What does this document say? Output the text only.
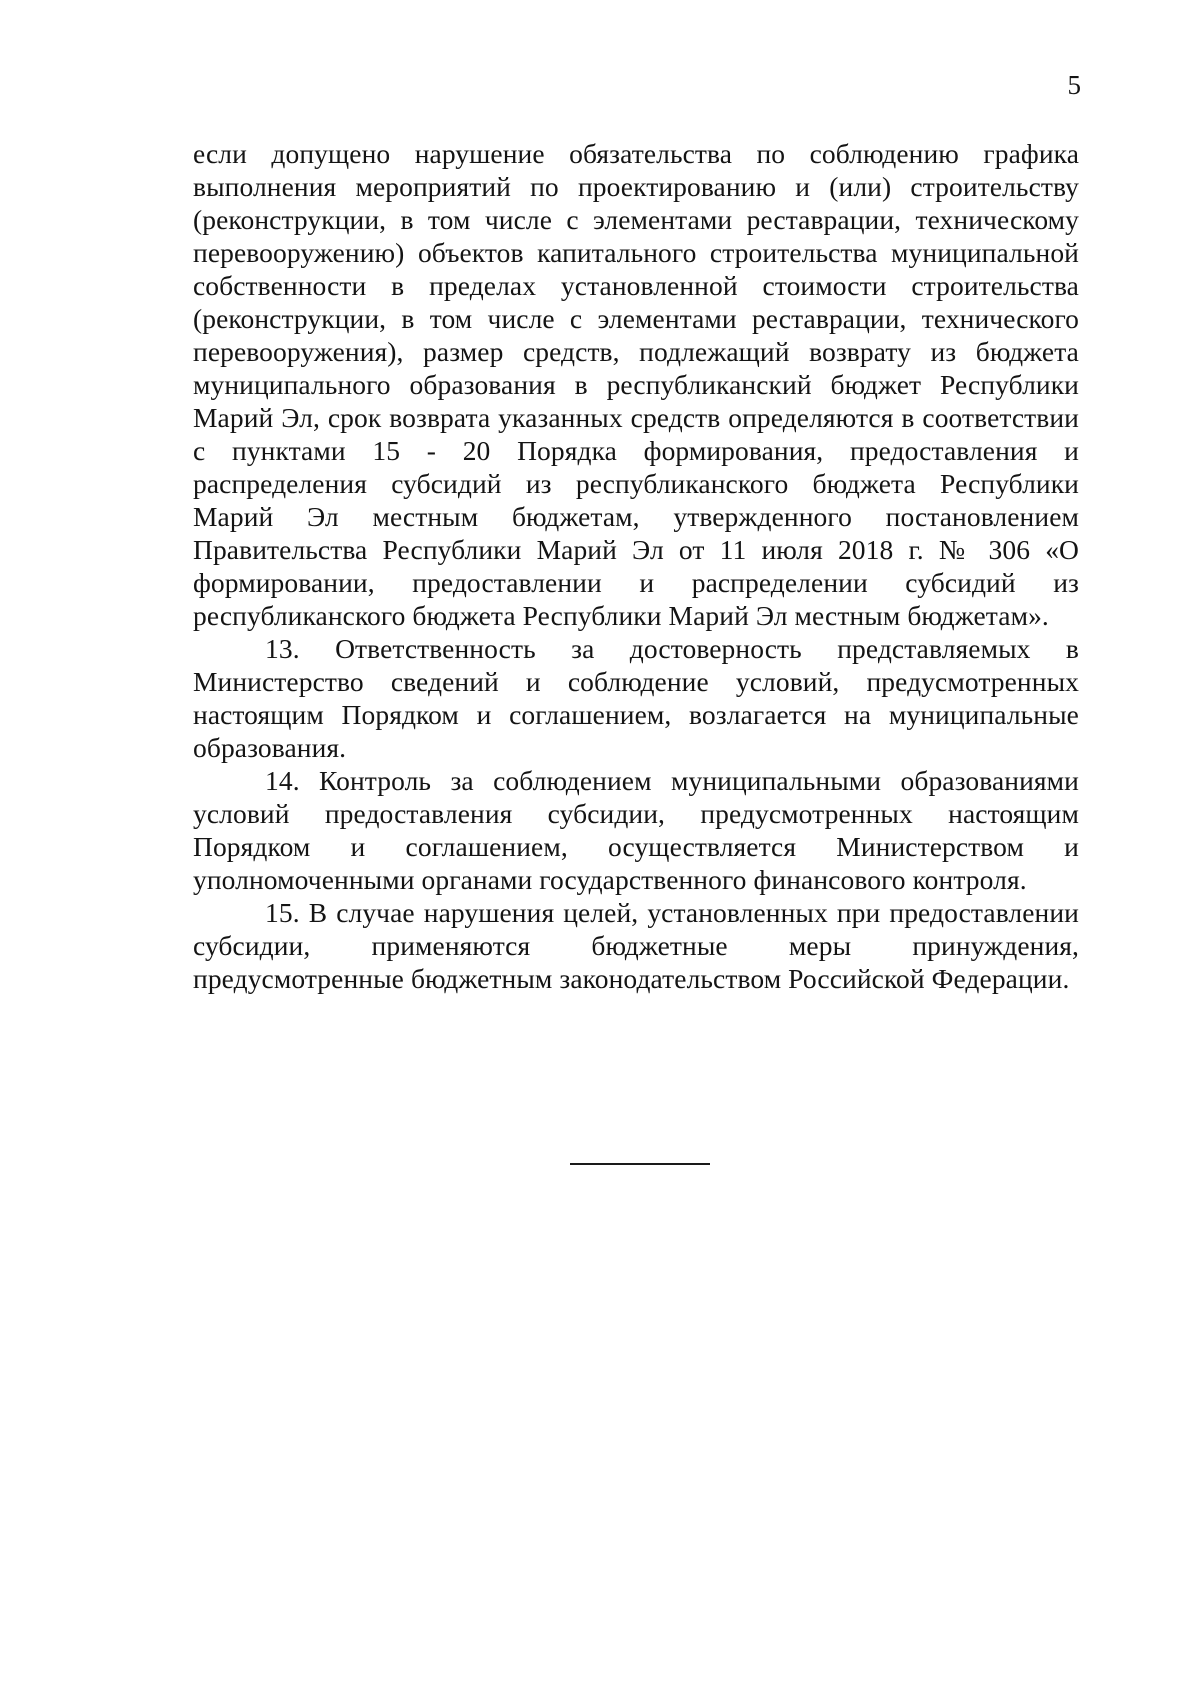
5

если допущено нарушение обязательства по соблюдению графика выполнения мероприятий по проектированию и (или) строительству (реконструкции, в том числе с элементами реставрации, техническому перевооружению) объектов капитального строительства муниципальной собственности в пределах установленной стоимости строительства (реконструкции, в том числе с элементами реставрации, технического перевооружения), размер средств, подлежащий возврату из бюджета муниципального образования в республиканский бюджет Республики Марий Эл, срок возврата указанных средств определяются в соответствии с пунктами 15 - 20 Порядка формирования, предоставления и распределения субсидий из республиканского бюджета Республики Марий Эл местным бюджетам, утвержденного постановлением Правительства Республики Марий Эл от 11 июля 2018 г. № 306 «О формировании, предоставлении и распределении субсидий из республиканского бюджета Республики Марий Эл местным бюджетам».

13. Ответственность за достоверность представляемых в Министерство сведений и соблюдение условий, предусмотренных настоящим Порядком и соглашением, возлагается на муниципальные образования.

14. Контроль за соблюдением муниципальными образованиями условий предоставления субсидии, предусмотренных настоящим Порядком и соглашением, осуществляется Министерством и уполномоченными органами государственного финансового контроля.

15. В случае нарушения целей, установленных при предоставлении субсидии, применяются бюджетные меры принуждения, предусмотренные бюджетным законодательством Российской Федерации.
